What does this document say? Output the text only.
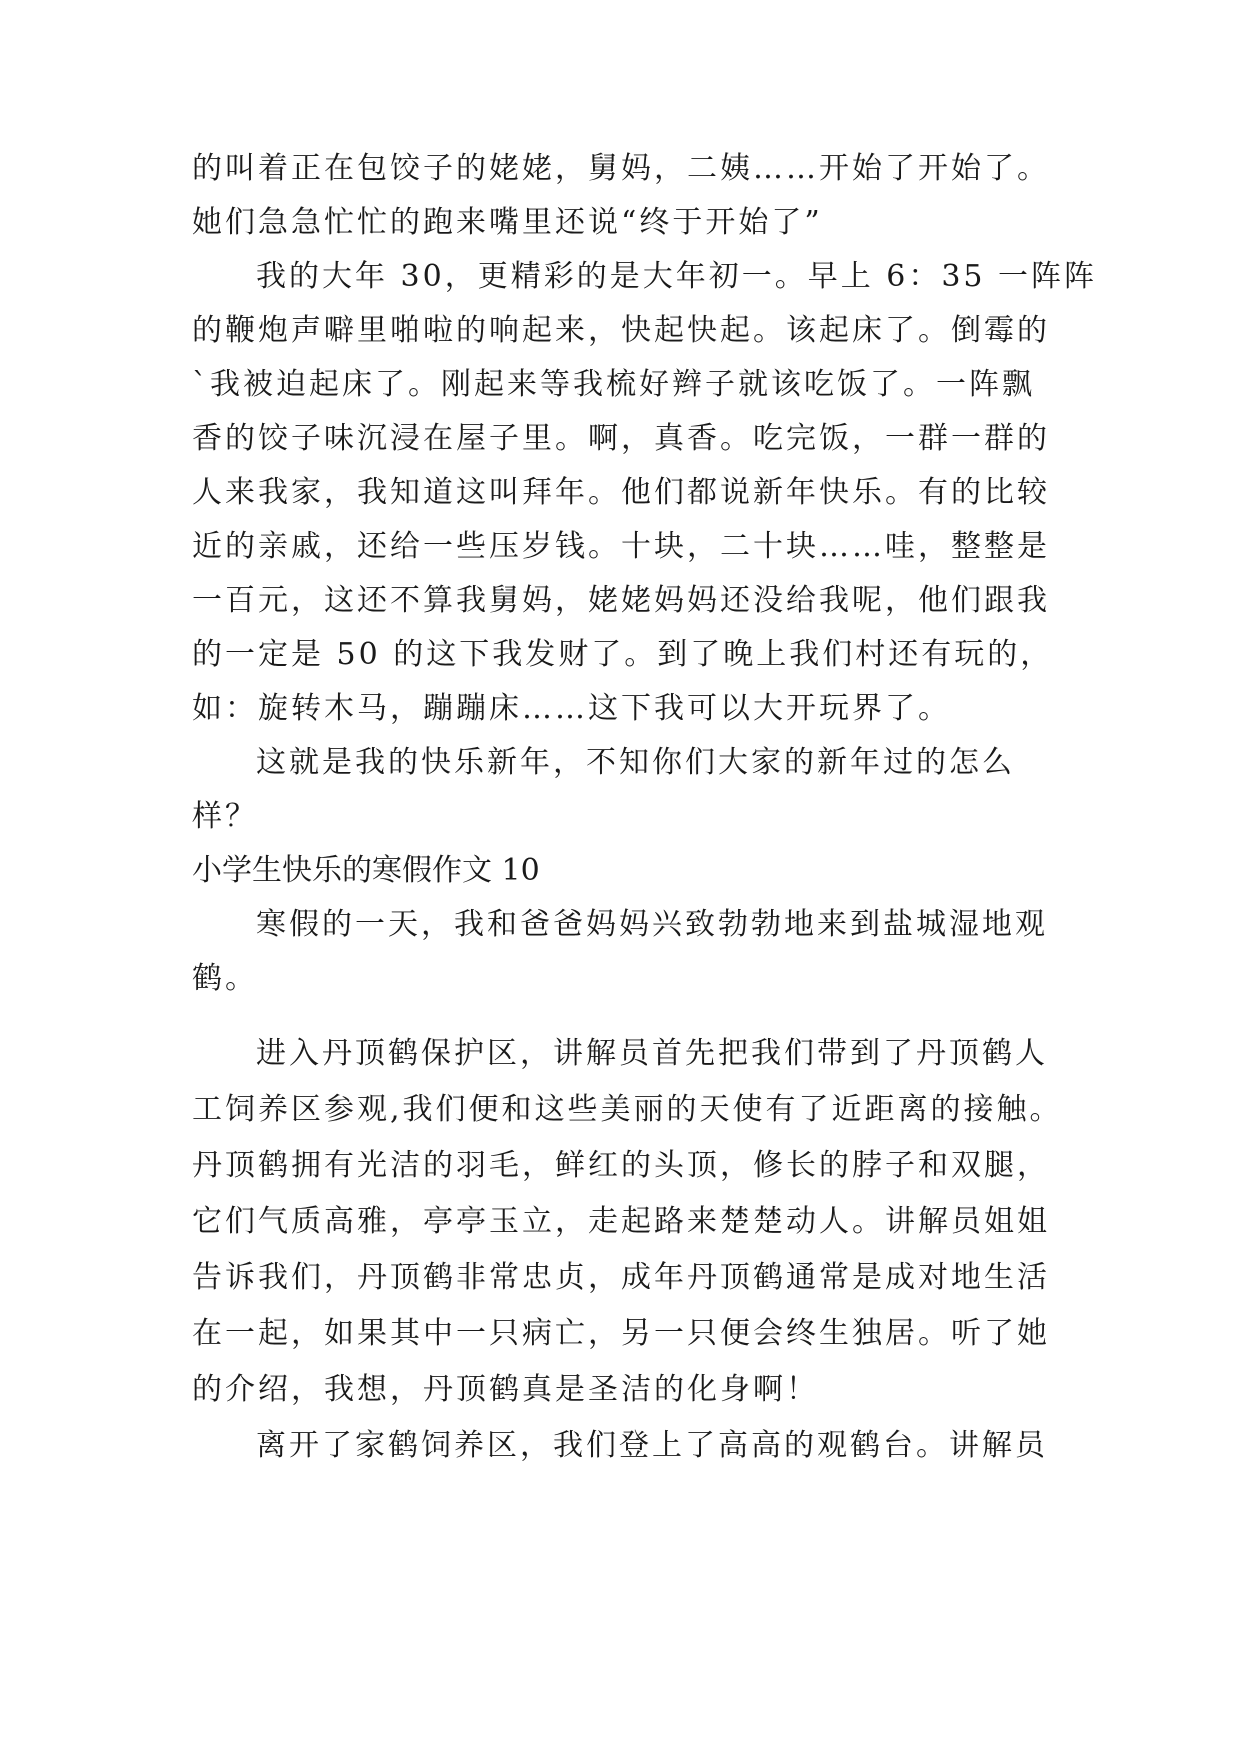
的叫着正在包饺子的姥姥，舅妈，二姨……开始了开始了。
她们急急忙忙的跑来嘴里还说“终于开始了”
我的大年 30，更精彩的是大年初一。早上 6：35 一阵阵
的鞭炮声噼里啪啦的响起来，快起快起。该起床了。倒霉的
`我被迫起床了。刚起来等我梳好辫子就该吃饭了。一阵飘
香的饺子味沉浸在屋子里。啊，真香。吃完饭，一群一群的
人来我家，我知道这叫拜年。他们都说新年快乐。有的比较
近的亲戚，还给一些压岁钱。十块，二十块……哇，整整是
一百元，这还不算我舅妈，姥姥妈妈还没给我呢，他们跟我
的一定是 50 的这下我发财了。到了晚上我们村还有玩的，
如：旋转木马，蹦蹦床……这下我可以大开玩界了。
这就是我的快乐新年，不知你们大家的新年过的怎么
样？
小学生快乐的寒假作文 10
寒假的一天，我和爸爸妈妈兴致勃勃地来到盐城湿地观
鹤。
进入丹顶鹤保护区，讲解员首先把我们带到了丹顶鹤人
工饲养区参观,我们便和这些美丽的天使有了近距离的接触。
丹顶鹤拥有光洁的羽毛，鲜红的头顶，修长的脖子和双腿，
它们气质高雅，亭亭玉立，走起路来楚楚动人。讲解员姐姐
告诉我们，丹顶鹤非常忠贞，成年丹顶鹤通常是成对地生活
在一起，如果其中一只病亡，另一只便会终生独居。听了她
的介绍，我想，丹顶鹤真是圣洁的化身啊！
离开了家鹤饲养区，我们登上了高高的观鹤台。讲解员
